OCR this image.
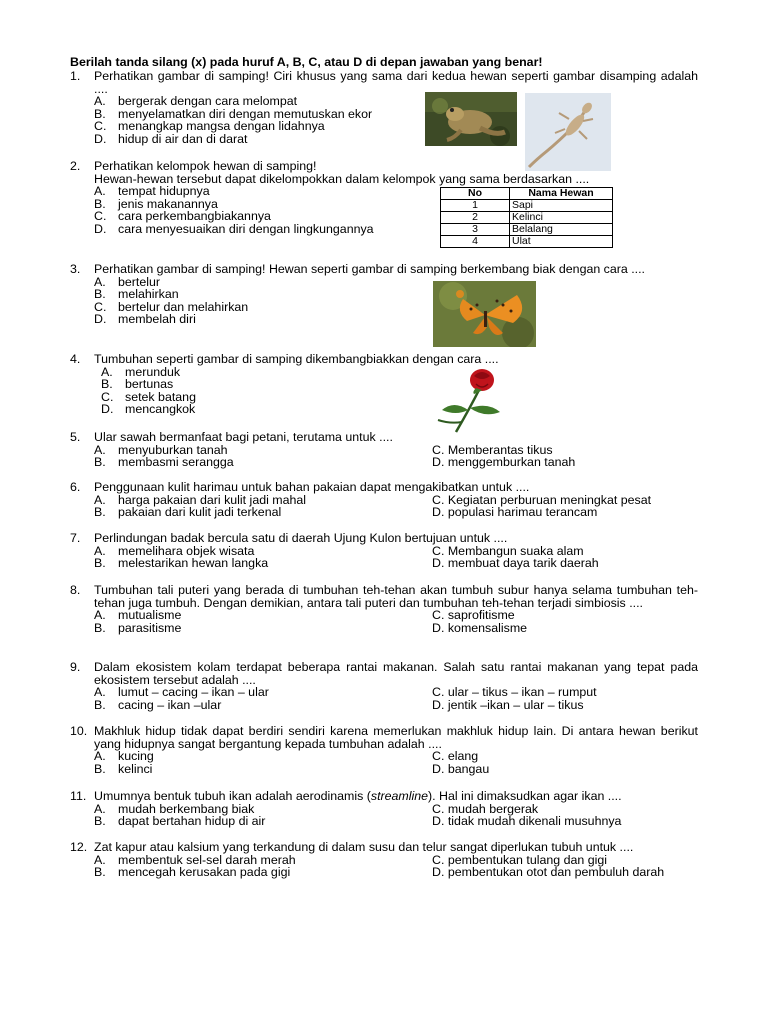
Berilah tanda silang (x) pada huruf A, B, C, atau D di depan jawaban yang benar!
1.	Perhatikan gambar di samping! Ciri khusus yang sama dari kedua hewan seperti gambar disamping adalah ....
A. bergerak dengan cara melompat
B. menyelamatkan diri dengan memutuskan ekor
C. menangkap mangsa dengan lidahnya
D. hidup di air dan di darat
2.	Perhatikan kelompok hewan di samping!
Hewan-hewan tersebut dapat dikelompokkan dalam kelompok yang sama berdasarkan ....
A. tempat hidupnya
B. jenis makanannya
C. cara perkembangbiakannya
D. cara menyesuaikan diri dengan lingkungannya
No	Nama Hewan
1	Sapi
2	Kelinci
3	Belalang
4	Ulat
3.	Perhatikan gambar di samping! Hewan seperti gambar di samping berkembang biak dengan cara ....
A. bertelur
B. melahirkan
C. bertelur dan melahirkan
D. membelah diri
4.	Tumbuhan seperti gambar di samping dikembangbiakkan dengan cara ....
A. merunduk
B. bertunas
C. setek batang
D. mencangkok
5.	Ular sawah bermanfaat bagi petani, terutama untuk ....
A. menyuburkan tanah
B. membasmi serangga
C. Memberantas tikus
D. menggemburkan tanah
6.	Penggunaan kulit harimau untuk bahan pakaian dapat mengakibatkan untuk ....
A. harga pakaian dari kulit jadi mahal
B. pakaian dari kulit jadi terkenal
C. Kegiatan perburuan meningkat pesat
D. populasi harimau terancam
7.	Perlindungan badak bercula satu di daerah Ujung Kulon bertujuan untuk ....
A. memelihara objek wisata
B. melestarikan hewan langka
C. Membangun suaka alam
D. membuat daya tarik daerah
8.	Tumbuhan tali puteri yang berada di tumbuhan teh-tehan akan tumbuh subur hanya selama tumbuhan teh-tehan juga tumbuh. Dengan demikian, antara tali puteri dan tumbuhan teh-tehan terjadi simbiosis ....
A. mutualisme
B. parasitisme
C. saprofitisme
D. komensalisme
9.	Dalam ekosistem kolam terdapat beberapa rantai makanan. Salah satu rantai makanan yang tepat pada ekosistem tersebut adalah ....
A. lumut – cacing – ikan – ular
B. cacing – ikan –ular
C. ular – tikus – ikan – rumput
D. jentik –ikan – ular – tikus
10. Makhluk hidup tidak dapat berdiri sendiri karena memerlukan makhluk hidup lain. Di antara hewan berikut yang hidupnya sangat bergantung kepada tumbuhan adalah ....
A. kucing
B. kelinci
C. elang
D. bangau
11. Umumnya bentuk tubuh ikan adalah aerodinamis (streamline). Hal ini dimaksudkan agar ikan ....
A. mudah berkembang biak
B. dapat bertahan hidup di air
C. mudah bergerak
D. tidak mudah dikenali musuhnya
12. Zat kapur atau kalsium yang terkandung di dalam susu dan telur sangat diperlukan tubuh untuk ....
A. membentuk sel-sel darah merah
B. mencegah kerusakan pada gigi
C. pembentukan tulang dan gigi
D. pembentukan otot dan pembuluh darah
